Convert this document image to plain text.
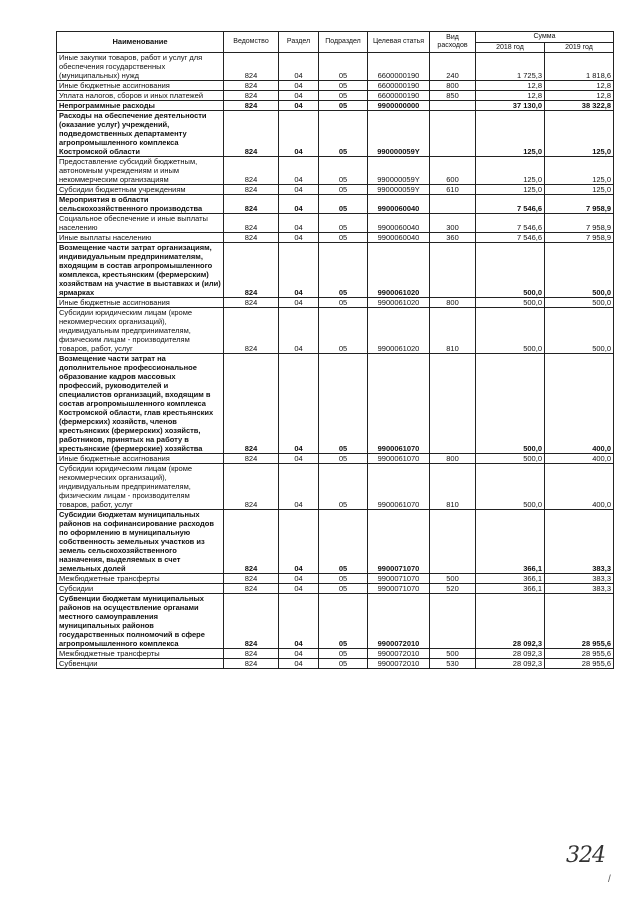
Наименование	Ведомство	Раздел	Подраздел	Целевая статья	Вид расходов	Сумма	
						2018 год	2019 год
Иные закупки товаров, работ и услуг для обеспечения государственных (муниципальных) нужд	824	04	05	6600000190	240	1 725,3	1 818,6
Иные бюджетные ассигнования	824	04	05	6600000190	800	12,8	12,8
Уплата налогов, сборов и иных платежей	824	04	05	6600000190	850	12,8	12,8
Непрограммные расходы	824	04	05	9900000000		37 130,0	38 322,8
Расходы на обеспечение деятельности (оказание услуг) учреждений, подведомственных департаменту агропромышленного комплекса Костромской области	824	04	05	990000059Y		125,0	125,0
Предоставление субсидий бюджетным, автономным учреждениям и иным некоммерческим организациям	824	04	05	990000059Y	600	125,0	125,0
Субсидии бюджетным учреждениям	824	04	05	990000059Y	610	125,0	125,0
Мероприятия в области сельскохозяйственного производства	824	04	05	9900060040		7 546,6	7 958,9
Социальное обеспечение и иные выплаты населению	824	04	05	9900060040	300	7 546,6	7 958,9
Иные выплаты населению	824	04	05	9900060040	360	7 546,6	7 958,9
Возмещение части затрат организациям, индивидуальным предпринимателям, входящим в состав агропромышленного комплекса, крестьянским (фермерским) хозяйствам на участие в выставках и (или) ярмарках	824	04	05	9900061020		500,0	500,0
Иные бюджетные ассигнования	824	04	05	9900061020	800	500,0	500,0
Субсидии юридическим лицам (кроме некоммерческих организаций), индивидуальным предпринимателям, физическим лицам - производителям товаров, работ, услуг	824	04	05	9900061020	810	500,0	500,0
Возмещение части затрат на дополнительное профессиональное образование кадров массовых профессий, руководителей и специалистов организаций, входящим в состав агропромышленного комплекса Костромской области, глав крестьянских (фермерских) хозяйств, членов крестьянских (фермерских) хозяйств, работников, принятых на работу в крестьянские (фермерские) хозяйства	824	04	05	9900061070		500,0	400,0
Иные бюджетные ассигнования	824	04	05	9900061070	800	500,0	400,0
Субсидии юридическим лицам (кроме некоммерческих организаций), индивидуальным предпринимателям, физическим лицам - производителям товаров, работ, услуг	824	04	05	9900061070	810	500,0	400,0
Субсидии бюджетам муниципальных районов на софинансирование расходов по оформлению в муниципальную собственность земельных участков из земель сельскохозяйственного назначения, выделяемых в счет земельных долей	824	04	05	9900071070		366,1	383,3
Межбюджетные трансферты	824	04	05	9900071070	500	366,1	383,3
Субсидии	824	04	05	9900071070	520	366,1	383,3
Субвенции бюджетам муниципальных районов на осуществление органами местного самоуправления муниципальных районов государственных полномочий в сфере агропромышленного комплекса	824	04	05	9900072010		28 092,3	28 955,6
Межбюджетные трансферты	824	04	05	9900072010	500	28 092,3	28 955,6
Субвенции	824	04	05	9900072010	530	28 092,3	28 955,6
324
/
